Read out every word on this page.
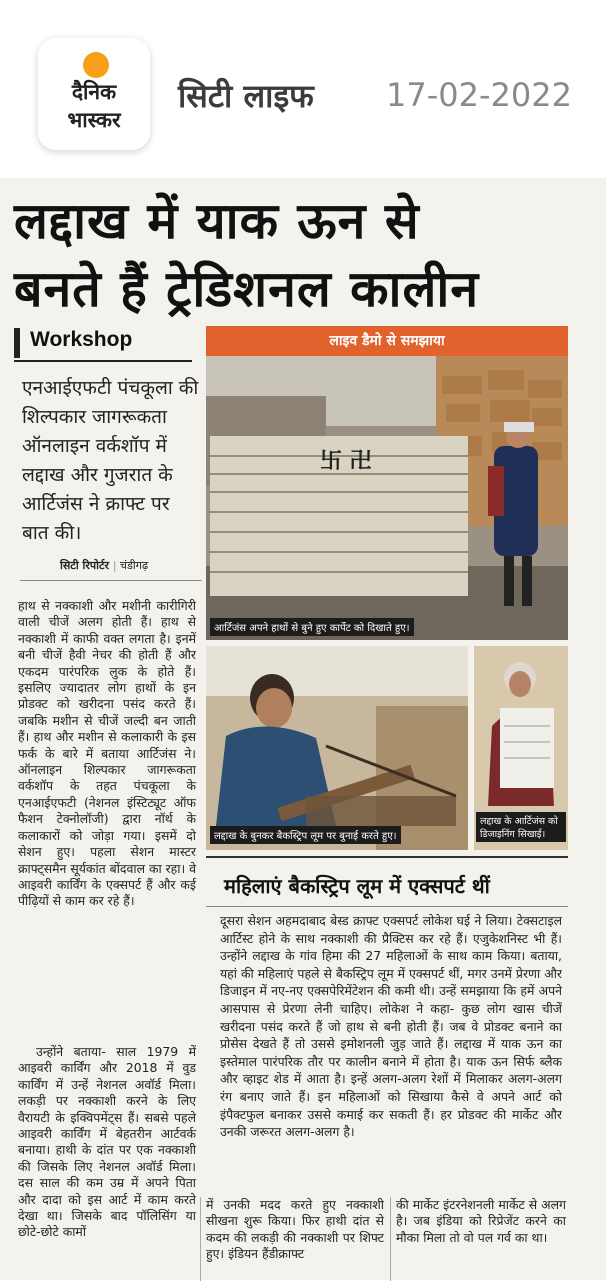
दैनिक
भास्कर
सिटी लाइफ 17-02-2022
लद्दाख में याक ऊन से
बनते हैं ट्रेडिशनल कालीन
Workshop
एनआईएफटी पंचकूला की शिल्पकार जागरूकता ऑनलाइन वर्कशॉप में लद्दाख और गुजरात के आर्टिजंस ने क्राफ्ट पर बात की।
सिटी रिपोर्टर | चंडीगढ़
हाथ से नक्काशी और मशीनी कारीगिरी वाली चीजें अलग होती हैं। हाथ से नक्काशी में काफी वक्त लगता है। इनमें बनी चीजें हैवी नेचर की होती हैं और एकदम पारंपरिक लुक के होते हैं। इसलिए ज्यादातर लोग हाथों के इन प्रोडक्ट को खरीदना पसंद करते हैं। जबकि मशीन से चीजें जल्दी बन जाती हैं। हाथ और मशीन से कलाकारी के इस फर्क के बारे में बताया आर्टिजंस ने। ऑनलाइन शिल्पकार जागरूकता वर्कशॉप के तहत पंचकूला के एनआईएफटी (नेशनल इंस्टिट्यूट ऑफ फैशन टेक्नोलॉजी) द्वारा नॉर्थ के कलाकारों को जोड़ा गया। इसमें दो सेशन हुए। पहला सेशन मास्टर क्राफ्ट्समैन सूर्यकांत बोंदवाल का रहा। वे आइवरी कार्विंग के एक्सपर्ट हैं और कई पीढ़ियों से काम कर रहे हैं।
उन्होंने बताया- साल 1979 में आइवरी कार्विंग और 2018 में वुड कार्विंग में उन्हें नेशनल अवॉर्ड मिला। लकड़ी पर नक्काशी करने के लिए वैरायटी के इक्विपमेंट्स हैं। सबसे पहले आइवरी कार्विंग में बेहतरीन आर्टवर्क बनाया। हाथी के दांत पर एक नक्काशी की जिसके लिए नेशनल अवॉर्ड मिला। दस साल की कम उम्र में अपने पिता और दादा को इस आर्ट में काम करते देखा था। जिसके बाद पॉलिसिंग या छोटे-छोटे कामों
लाइव डैमो से समझाया
卐 卍
आर्टिजंस अपने हाथों से बुने हुए कार्पेट को दिखाते हुए।
लद्दाख के बुनकर बैकस्ट्रिप लूम पर बुनाई करते हुए।
लद्दाख के आर्टिजंस को डिजाइनिंग सिखाई।
महिलाएं बैकस्ट्रिप लूम में एक्सपर्ट थीं
दूसरा सेशन अहमदाबाद बेस्ड क्राफ्ट एक्सपर्ट लोकेश घई ने लिया। टेक्सटाइल आर्टिस्ट होने के साथ नक्काशी की प्रैक्टिस कर रहे हैं। एजुकेशनिस्ट भी हैं। उन्होंने लद्दाख के गांव हिमा की 27 महिलाओं के साथ काम किया। बताया, यहां की महिलाएं पहले से बैकस्ट्रिप लूम में एक्सपर्ट थीं, मगर उनमें प्रेरणा और डिजाइन में नए-नए एक्सपेरिमेंटेशन की कमी थी। उन्हें समझाया कि हमें अपने आसपास से प्रेरणा लेनी चाहिए। लोकेश ने कहा- कुछ लोग खास चीजें खरीदना पसंद करते हैं जो हाथ से बनी होती हैं। जब वे प्रोडक्ट बनाने का प्रोसेस देखते हैं तो उससे इमोशनली जुड़ जाते हैं। लद्दाख में याक ऊन का इस्तेमाल पारंपरिक तौर पर कालीन बनाने में होता है। याक ऊन सिर्फ ब्लैक और व्हाइट शेड में आता है। इन्हें अलग-अलग रेशों में मिलाकर अलग-अलग रंग बनाए जाते हैं। इन महिलाओं को सिखाया कैसे वे अपने आर्ट को इंपैक्टफुल बनाकर उससे कमाई कर सकती हैं। हर प्रोडक्ट की मार्केट और उनकी जरूरत अलग-अलग है।
में उनकी मदद करते हुए नक्काशी सीखना शुरू किया। फिर हाथी दांत से कदम की लकड़ी की नक्काशी पर शिफ्ट हुए। इंडियन हैंडीक्राफ्ट
की मार्केट इंटरनेशनली मार्केट से अलग है। जब इंडिया को रिप्रेजेंट करने का मौका मिला तो वो पल गर्व का था।
